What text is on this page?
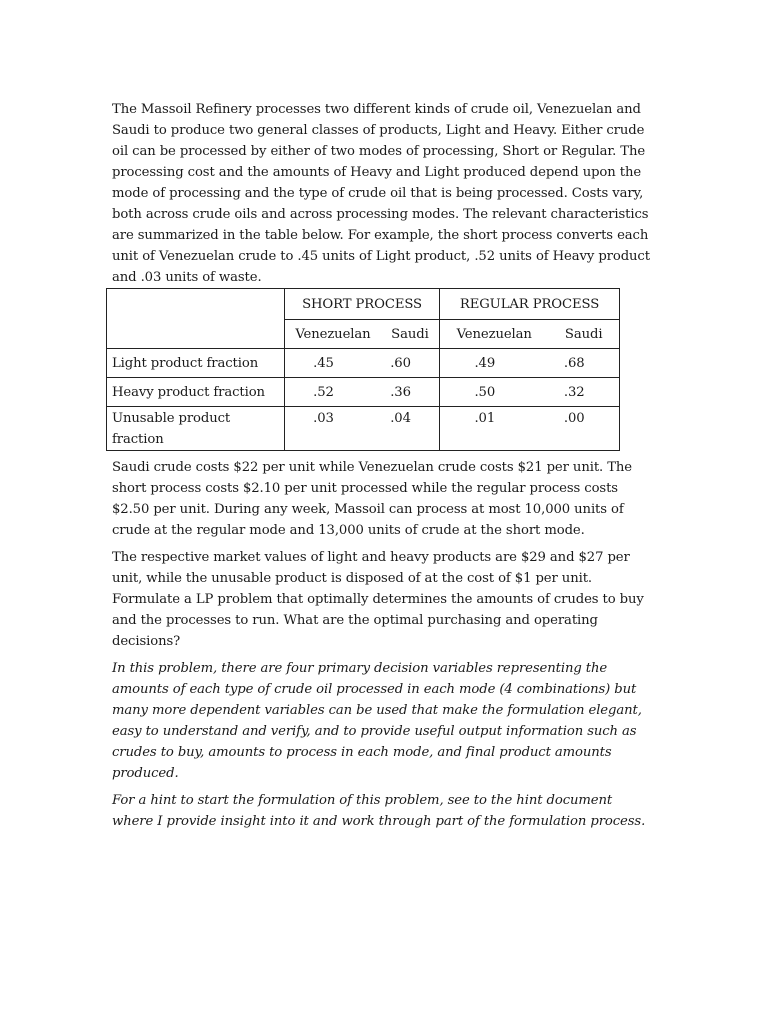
The Massoil Refinery processes two different kinds of crude oil, Venezuelan and Saudi to produce two general classes of products, Light and Heavy. Either crude oil can be processed by either of two modes of processing, Short or Regular. The processing cost and the amounts of Heavy and Light produced depend upon the mode of processing and the type of crude oil that is being processed. Costs vary, both across crude oils and across processing modes. The relevant characteristics are summarized in the table below. For example, the short process converts each unit of Venezuelan crude to .45 units of Light product, .52 units of Heavy product and .03 units of waste.

	SHORT PROCESS	REGULAR PROCESS

	Venezuelan Saudi	Venezuelan Saudi

Light product fraction	.45 .60	.49 .68

Heavy product fraction	.52 .36	.50 .32

Unusable product fraction	.03 .04	.01 .00

Saudi crude costs $22 per unit while Venezuelan crude costs $21 per unit. The short process costs $2.10 per unit processed while the regular process costs $2.50 per unit. During any week, Massoil can process at most 10,000 units of crude at the regular mode and 13,000 units of crude at the short mode.

The respective market values of light and heavy products are $29 and $27 per unit, while the unusable product is disposed of at the cost of $1 per unit. Formulate a LP problem that optimally determines the amounts of crudes to buy and the processes to run. What are the optimal purchasing and operating decisions?

In this problem, there are four primary decision variables representing the amounts of each type of crude oil processed in each mode (4 combinations) but many more dependent variables can be used that make the formulation elegant, easy to understand and verify, and to provide useful output information such as crudes to buy, amounts to process in each mode, and final product amounts produced.

For a hint to start the formulation of this problem, see to the hint document where I provide insight into it and work through part of the formulation process.
